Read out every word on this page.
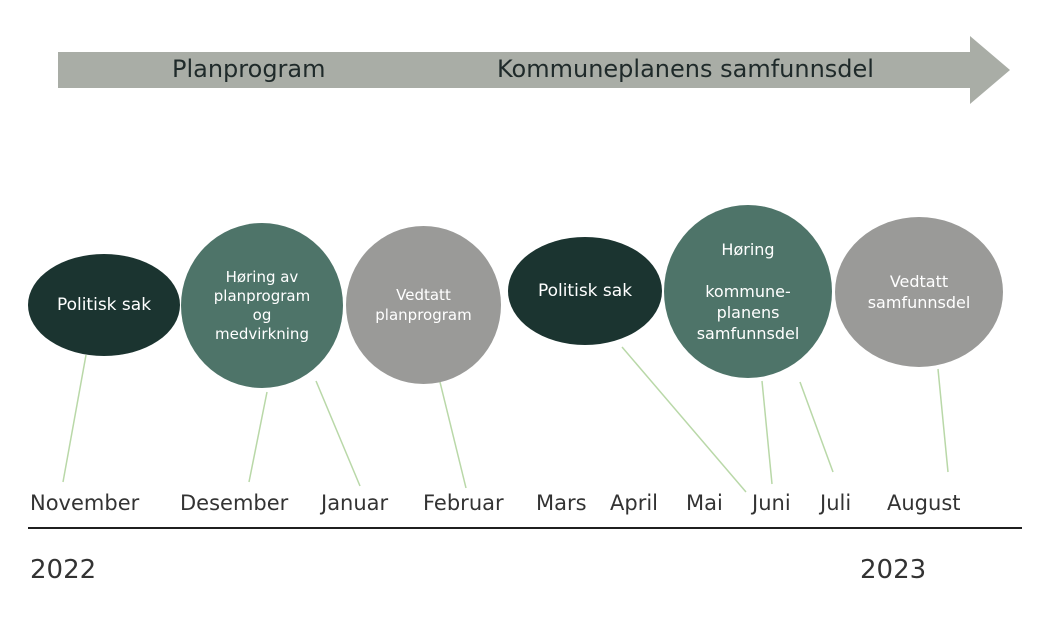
Planprogram	Kommuneplanens samfunnsdel
Politisk sak
Høring av
planprogram
og
medvirkning
Vedtatt
planprogram
Politisk sak
Høring

kommune-
planens
samfunnsdel
Vedtatt
samfunnsdel
November Desember Januar Februar Mars April Mai Juni Juli August
2022	2023
